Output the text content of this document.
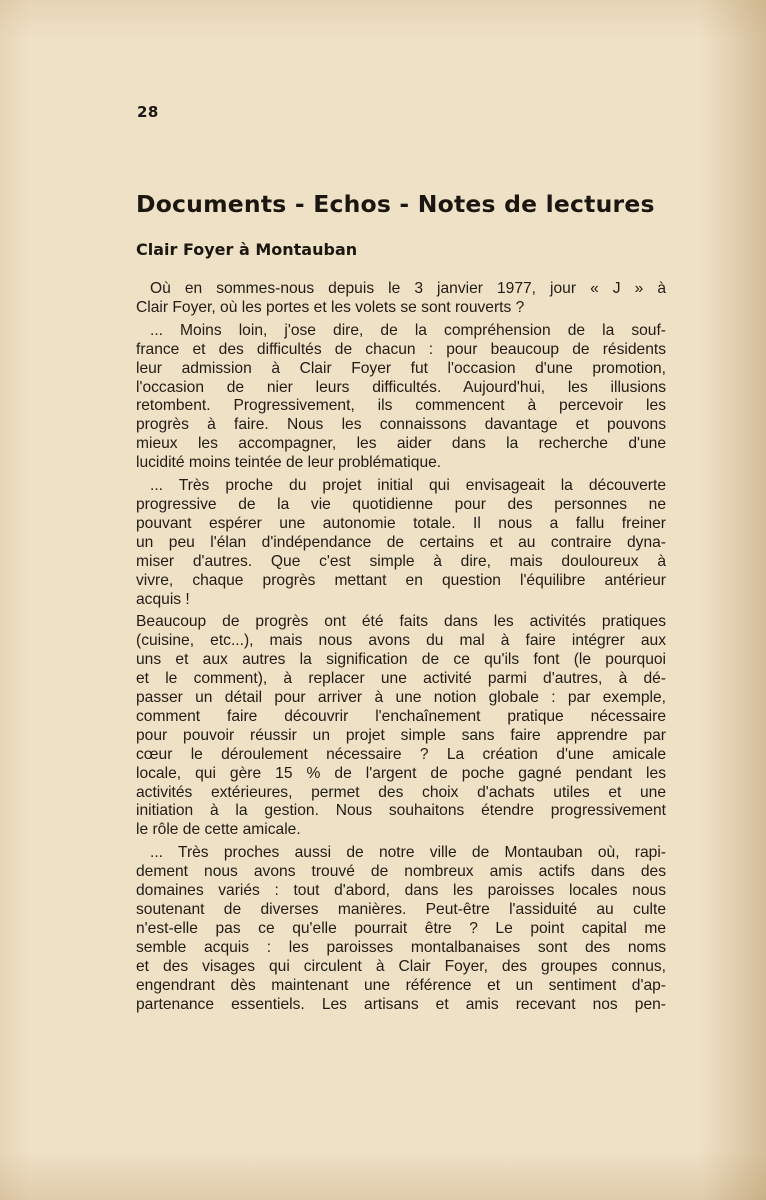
28
Documents - Echos - Notes de lectures
Clair Foyer à Montauban
Où en sommes-nous depuis le 3 janvier 1977, jour « J » à
Clair Foyer, où les portes et les volets se sont rouverts ?
... Moins loin, j'ose dire, de la compréhension de la souf-
france et des difficultés de chacun : pour beaucoup de résidents
leur admission à Clair Foyer fut l'occasion d'une promotion,
l'occasion de nier leurs difficultés. Aujourd'hui, les illusions
retombent. Progressivement, ils commencent à percevoir les
progrès à faire. Nous les connaissons davantage et pouvons
mieux les accompagner, les aider dans la recherche d'une
lucidité moins teintée de leur problématique.
... Très proche du projet initial qui envisageait la découverte
progressive de la vie quotidienne pour des personnes ne
pouvant espérer une autonomie totale. Il nous a fallu freiner
un peu l'élan d'indépendance de certains et au contraire dyna-
miser d'autres. Que c'est simple à dire, mais douloureux à
vivre, chaque progrès mettant en question l'équilibre antérieur
acquis !
Beaucoup de progrès ont été faits dans les activités pratiques
(cuisine, etc...), mais nous avons du mal à faire intégrer aux
uns et aux autres la signification de ce qu'ils font (le pourquoi
et le comment), à replacer une activité parmi d'autres, à dé-
passer un détail pour arriver à une notion globale : par exemple,
comment faire découvrir l'enchaînement pratique nécessaire
pour pouvoir réussir un projet simple sans faire apprendre par
cœur le déroulement nécessaire ? La création d'une amicale
locale, qui gère 15 % de l'argent de poche gagné pendant les
activités extérieures, permet des choix d'achats utiles et une
initiation à la gestion. Nous souhaitons étendre progressivement
le rôle de cette amicale.
... Très proches aussi de notre ville de Montauban où, rapi-
dement nous avons trouvé de nombreux amis actifs dans des
domaines variés : tout d'abord, dans les paroisses locales nous
soutenant de diverses manières. Peut-être l'assiduité au culte
n'est-elle pas ce qu'elle pourrait être ? Le point capital me
semble acquis : les paroisses montalbanaises sont des noms
et des visages qui circulent à Clair Foyer, des groupes connus,
engendrant dès maintenant une référence et un sentiment d'ap-
partenance essentiels. Les artisans et amis recevant nos pen-
